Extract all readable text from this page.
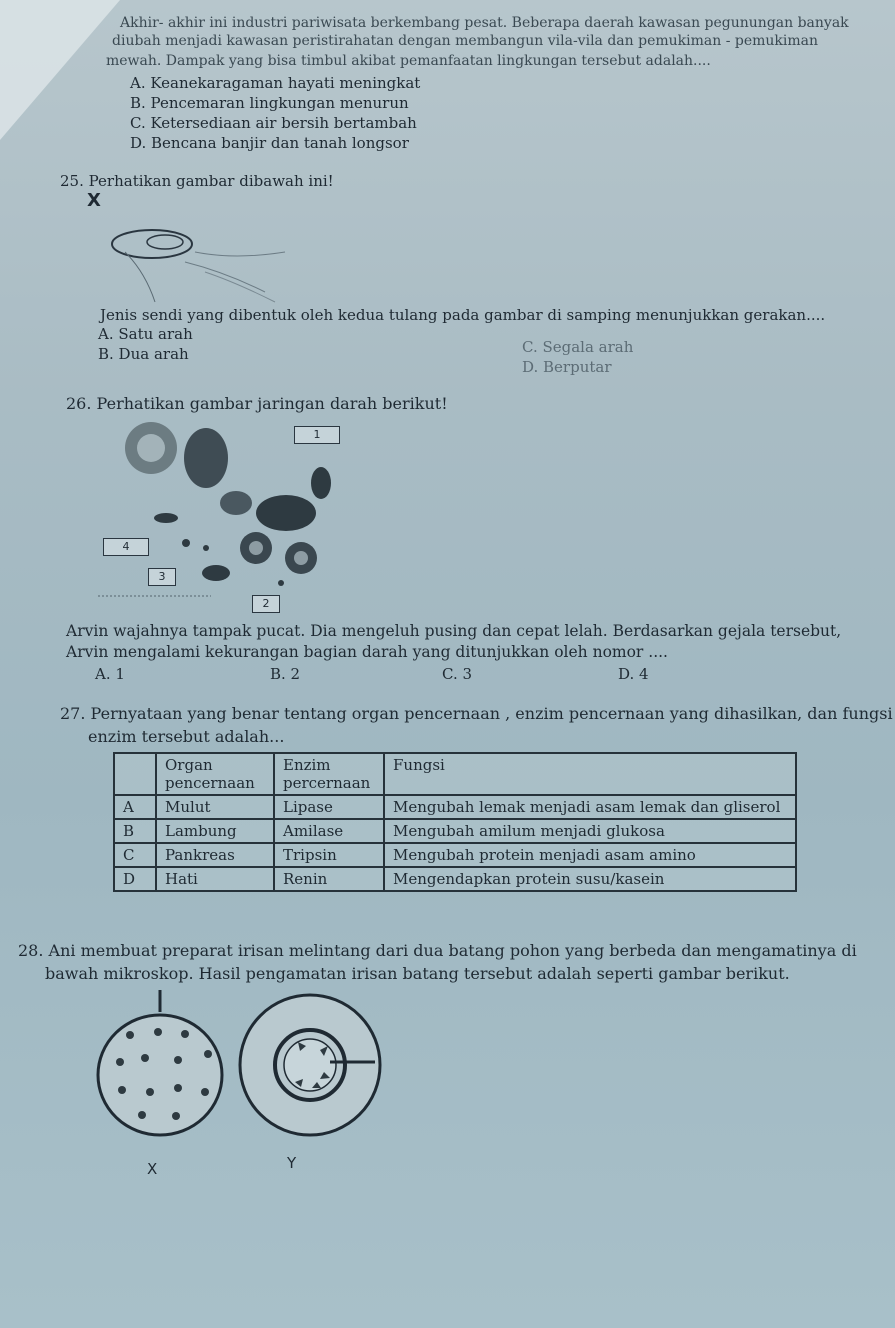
Akhir- akhir ini industri pariwisata berkembang pesat. Beberapa daerah kawasan pegunungan banyak
diubah menjadi kawasan peristirahatan dengan membangun vila-vila dan pemukiman - pemukiman
mewah. Dampak yang bisa timbul akibat pemanfaatan lingkungan tersebut adalah....
A. Keanekaragaman hayati meningkat
B. Pencemaran lingkungan menurun
C. Ketersediaan air bersih bertambah
D. Bencana banjir dan tanah longsor
25. Perhatikan gambar dibawah ini!
X
Jenis sendi yang dibentuk oleh kedua tulang pada gambar di samping menunjukkan gerakan....
A. Satu arah
B. Dua arah	C. Segala arah
D. Berputar
26. Perhatikan gambar jaringan darah berikut!
1
4
3
2
Arvin wajahnya tampak pucat. Dia mengeluh pusing dan cepat lelah. Berdasarkan gejala tersebut,
Arvin mengalami kekurangan bagian darah yang ditunjukkan oleh nomor ....
A. 1	B. 2	C. 3	D. 4
27. Pernyataan yang benar tentang organ pencernaan , enzim pencernaan yang dihasilkan, dan fungsi
enzim tersebut adalah...
	Organ pencernaan	Enzim percernaan	Fungsi
A	Mulut	Lipase	Mengubah lemak menjadi asam lemak dan gliserol
B	Lambung	Amilase	Mengubah amilum menjadi glukosa
C	Pankreas	Tripsin	Mengubah protein menjadi asam amino
D	Hati	Renin	Mengendapkan protein susu/kasein
28. Ani membuat preparat irisan melintang dari dua batang pohon yang berbeda dan mengamatinya di
bawah mikroskop. Hasil pengamatan irisan batang tersebut adalah seperti gambar berikut.
X	Y
